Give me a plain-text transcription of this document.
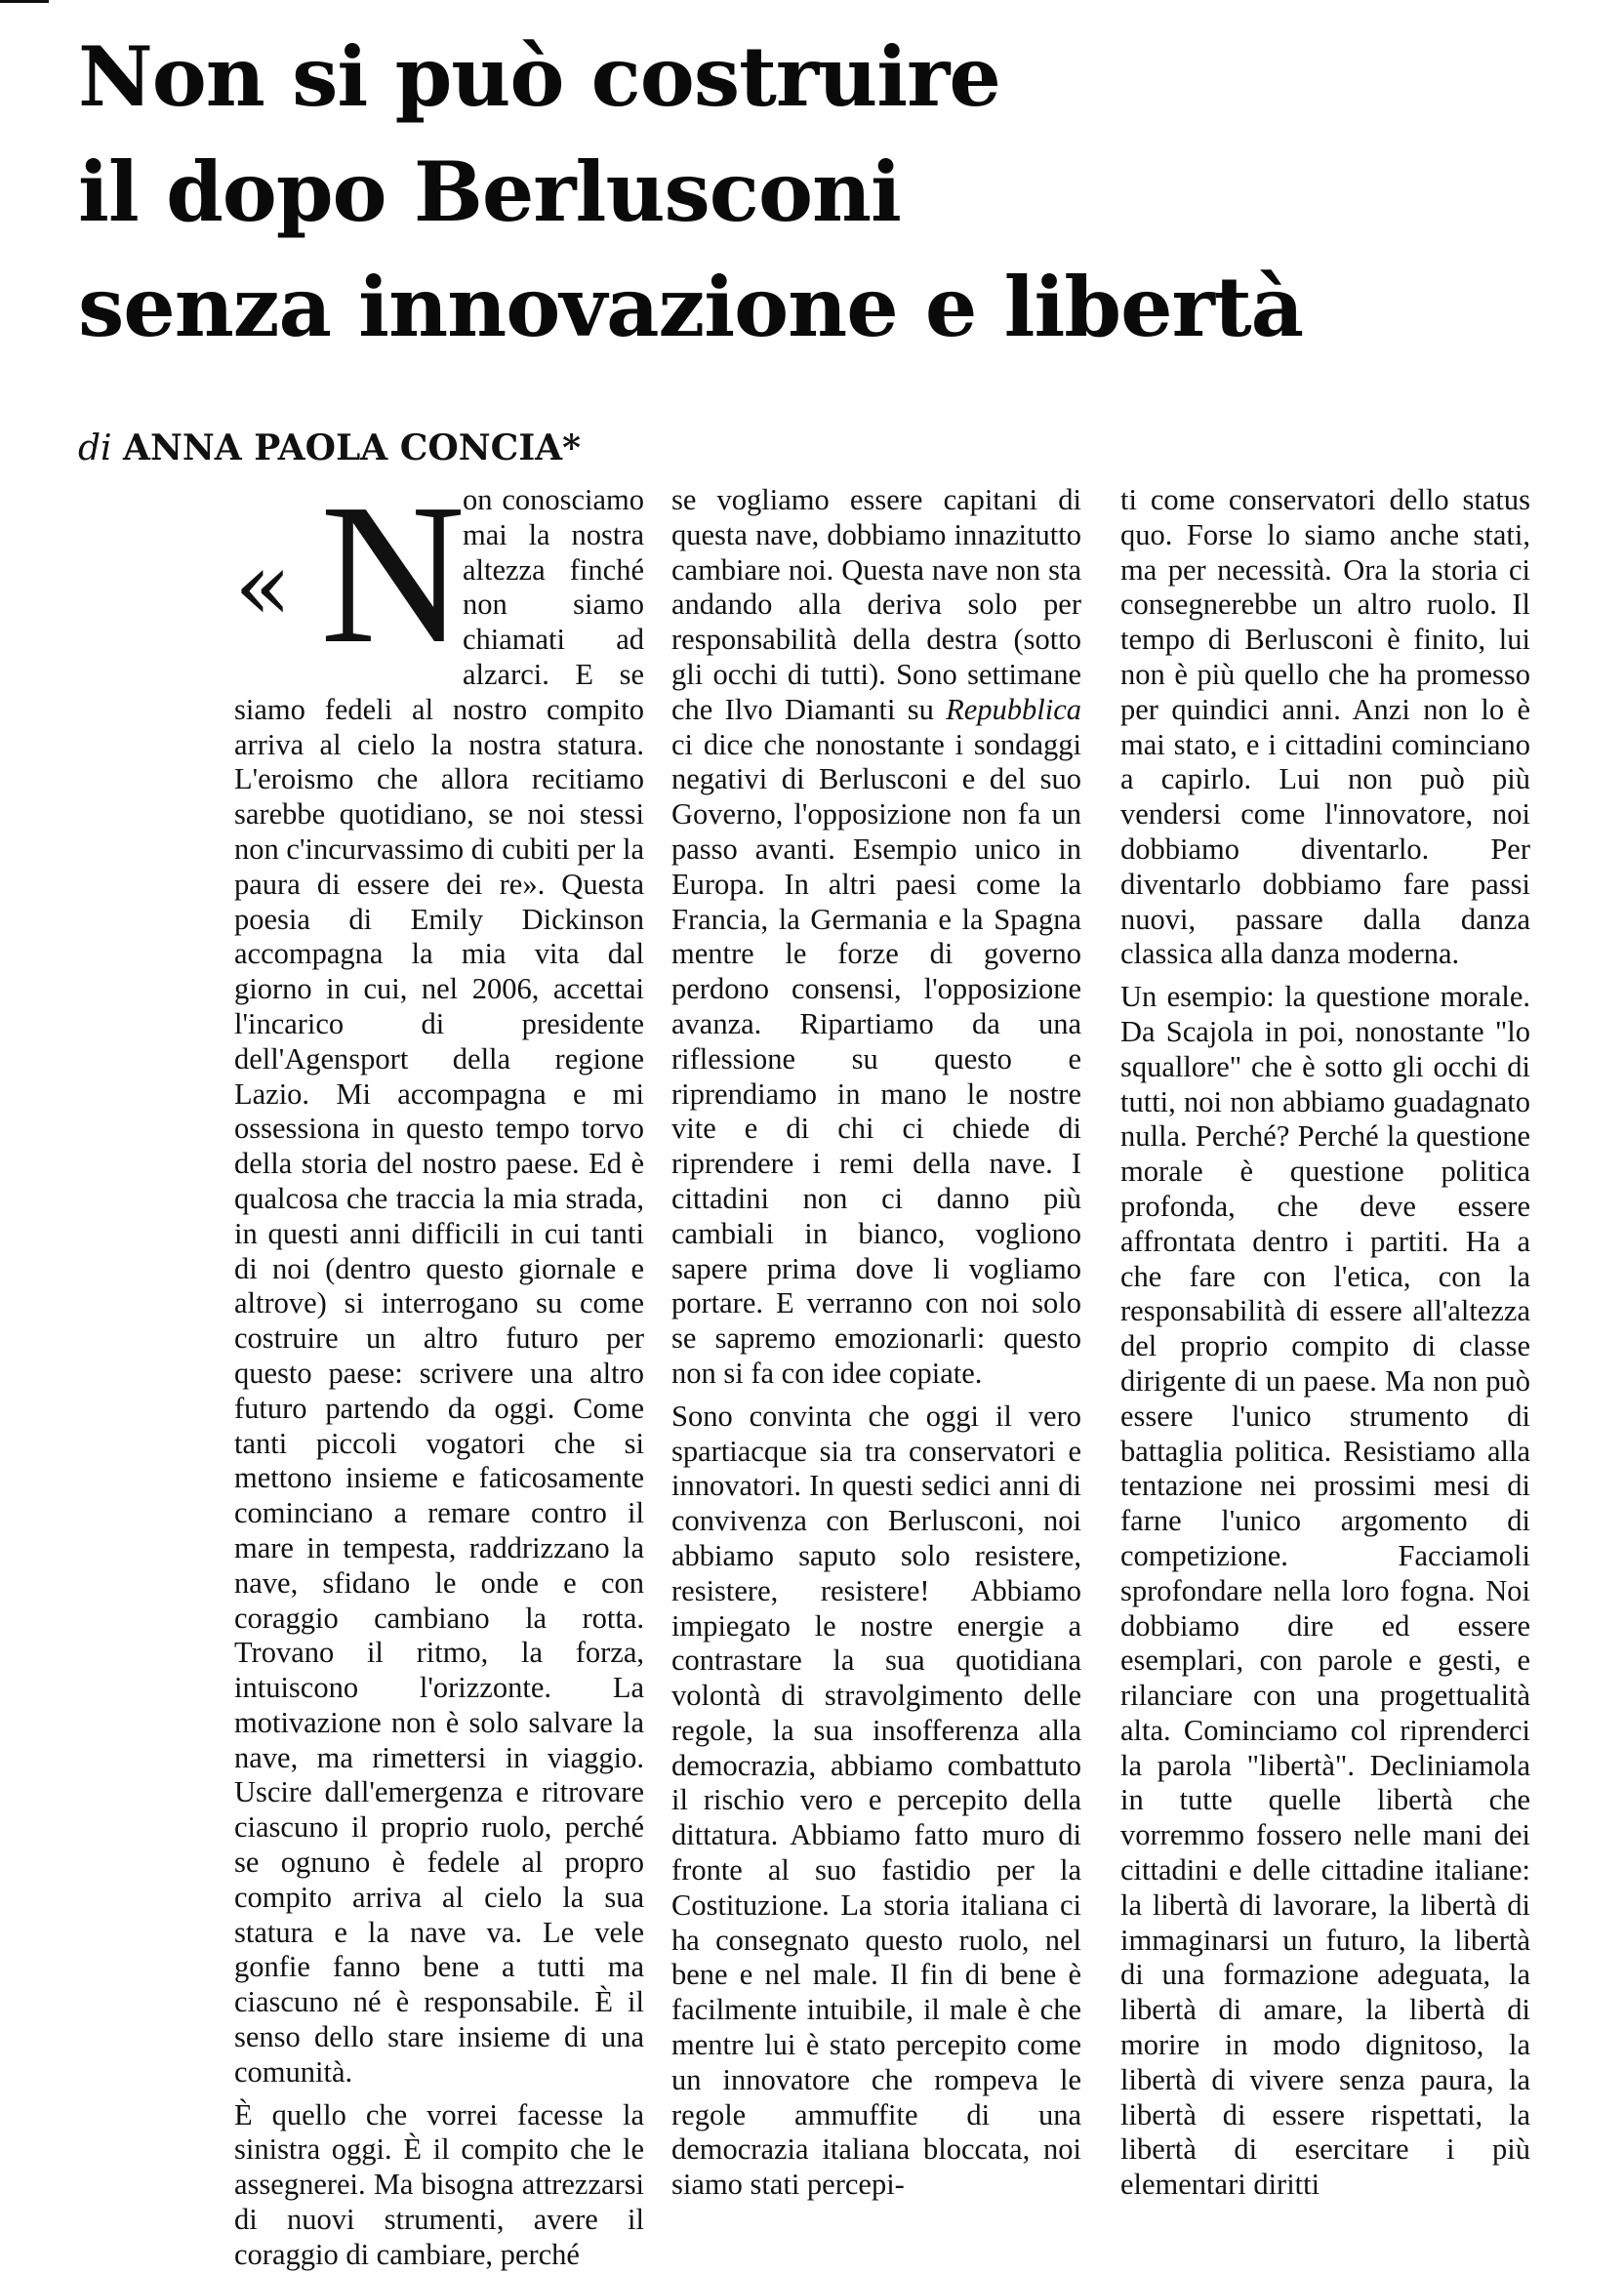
Non si può costruire
il dopo Berlusconi
senza innovazione e libertà
di ANNA PAOLA CONCIA*
« N

on conosciamo mai la nostra altezza finché non siamo chiamati ad alzarci. E se siamo fedeli al nostro compito arriva al cielo la nostra statura. L'eroismo che allora recitiamo sarebbe quotidiano, se noi stessi non c'incurvassimo di cubiti per la paura di essere dei re». Questa poesia di Emily Dickinson accompagna la mia vita dal giorno in cui, nel 2006, accettai l'incarico di presidente dell'Agensport della regione Lazio. Mi accompagna e mi ossessiona in questo tempo torvo della storia del nostro paese. Ed è qualcosa che traccia la mia strada, in questi anni difficili in cui tanti di noi (dentro questo giornale e altrove) si interrogano su come costruire un altro futuro per questo paese: scrivere una altro futuro partendo da oggi. Come tanti piccoli vogatori che si mettono insieme e faticosamente cominciano a remare contro il mare in tempesta, raddrizzano la nave, sfidano le onde e con coraggio cambiano la rotta. Trovano il ritmo, la forza, intuiscono l'orizzonte. La motivazione non è solo salvare la nave, ma rimettersi in viaggio. Uscire dall'emergenza e ritrovare ciascuno il proprio ruolo, perché se ognuno è fedele al propro compito arriva al cielo la sua statura e la nave va. Le vele gonfie fanno bene a tutti ma ciascuno né è responsabile. È il senso dello stare insieme di una comunità.

È quello che vorrei facesse la sinistra oggi. È il compito che le assegnerei. Ma bisogna attrezzarsi di nuovi strumenti, avere il coraggio di cambiare, perché

se vogliamo essere capitani di questa nave, dobbiamo innazitutto cambiare noi. Questa nave non sta andando alla deriva solo per responsabilità della destra (sotto gli occhi di tutti). Sono settimane che Ilvo Diamanti su Repubblica ci dice che nonostante i sondaggi negativi di Berlusconi e del suo Governo, l'opposizione non fa un passo avanti. Esempio unico in Europa. In altri paesi come la Francia, la Germania e la Spagna mentre le forze di governo perdono consensi, l'opposizione avanza. Ripartiamo da una riflessione su questo e riprendiamo in mano le nostre vite e di chi ci chiede di riprendere i remi della nave. I cittadini non ci danno più cambiali in bianco, vogliono sapere prima dove li vogliamo portare. E verranno con noi solo se sapremo emozionarli: questo non si fa con idee copiate.

Sono convinta che oggi il vero spartiacque sia tra conservatori e innovatori. In questi sedici anni di convivenza con Berlusconi, noi abbiamo saputo solo resistere, resistere, resistere! Abbiamo impiegato le nostre energie a contrastare la sua quotidiana volontà di stravolgimento delle regole, la sua insofferenza alla democrazia, abbiamo combattuto il rischio vero e percepito della dittatura. Abbiamo fatto muro di fronte al suo fastidio per la Costituzione. La storia italiana ci ha consegnato questo ruolo, nel bene e nel male. Il fin di bene è facilmente intuibile, il male è che mentre lui è stato percepito come un innovatore che rompeva le regole ammuffite di una democrazia italiana bloccata, noi siamo stati percepi-

ti come conservatori dello status quo. Forse lo siamo anche stati, ma per necessità. Ora la storia ci consegnerebbe un altro ruolo. Il tempo di Berlusconi è finito, lui non è più quello che ha promesso per quindici anni. Anzi non lo è mai stato, e i cittadini cominciano a capirlo. Lui non può più vendersi come l'innovatore, noi dobbiamo diventarlo. Per diventarlo dobbiamo fare passi nuovi, passare dalla danza classica alla danza moderna.

Un esempio: la questione morale. Da Scajola in poi, nonostante "lo squallore" che è sotto gli occhi di tutti, noi non abbiamo guadagnato nulla. Perché? Perché la questione morale è questione politica profonda, che deve essere affrontata dentro i partiti. Ha a che fare con l'etica, con la responsabilità di essere all'altezza del proprio compito di classe dirigente di un paese. Ma non può essere l'unico strumento di battaglia politica. Resistiamo alla tentazione nei prossimi mesi di farne l'unico argomento di competizione. Facciamoli sprofondare nella loro fogna. Noi dobbiamo dire ed essere esemplari, con parole e gesti, e rilanciare con una progettualità alta. Cominciamo col riprenderci la parola "libertà". Decliniamola in tutte quelle libertà che vorremmo fossero nelle mani dei cittadini e delle cittadine italiane: la libertà di lavorare, la libertà di immaginarsi un futuro, la libertà di una formazione adeguata, la libertà di amare, la libertà di morire in modo dignitoso, la libertà di vivere senza paura, la libertà di essere rispettati, la libertà di esercitare i più elementari diritti
